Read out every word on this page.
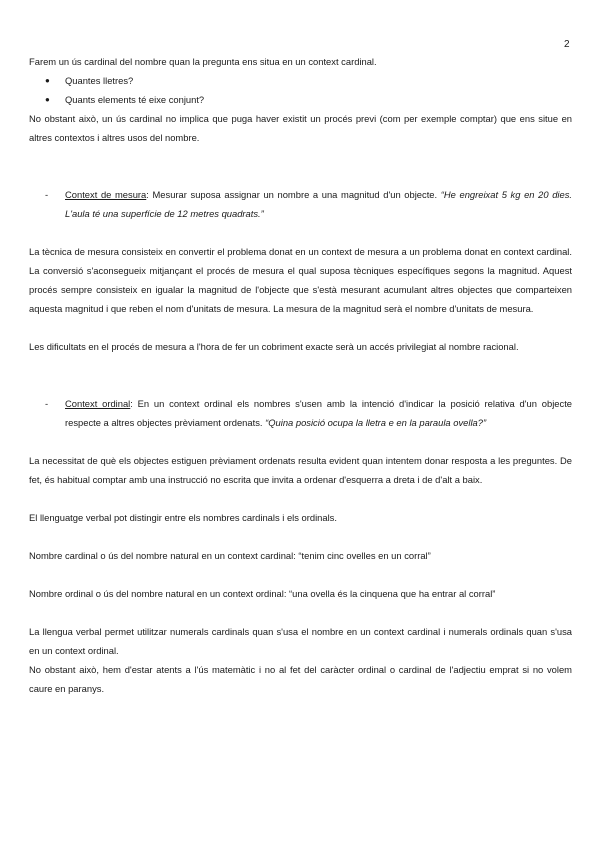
2

Farem un ús cardinal del nombre quan la pregunta ens situa en un context cardinal.

● Quantes lletres?
● Quants elements té eixe conjunt?

No obstant això, un ús cardinal no implica que puga haver existit un procés previ (com per exemple comptar) que ens situe en altres contextos i altres usos del nombre.

- Context de mesura: Mesurar suposa assignar un nombre a una magnitud d'un objecte. “He engreixat 5 kg en 20 dies. L'aula té una superfície de 12 metres quadrats.”

La tècnica de mesura consisteix en convertir el problema donat en un context de mesura a un problema donat en context cardinal. La conversió s'aconsegueix mitjançant el procés de mesura el qual suposa tècniques específiques segons la magnitud. Aquest procés sempre consisteix en igualar la magnitud de l'objecte que s'està mesurant acumulant altres objectes que comparteixen aquesta magnitud i que reben el nom d'unitats de mesura. La mesura de la magnitud serà el nombre d'unitats de mesura.

Les dificultats en el procés de mesura a l'hora de fer un cobriment exacte serà un accés privilegiat al nombre racional.

- Context ordinal: En un context ordinal els nombres s'usen amb la intenció d'indicar la posició relativa d'un objecte respecte a altres objectes prèviament ordenats. “Quina posició ocupa la lletra e en la paraula ovella?”

La necessitat de què els objectes estiguen prèviament ordenats resulta evident quan intentem donar resposta a les preguntes. De fet, és habitual comptar amb una instrucció no escrita que invita a ordenar d'esquerra a dreta i de d'alt a baix.

El llenguatge verbal pot distingir entre els nombres cardinals i els ordinals.

Nombre cardinal o ús del nombre natural en un context cardinal: “tenim cinc ovelles en un corral”

Nombre ordinal o ús del nombre natural en un context ordinal: “una ovella és la cinquena que ha entrar al corral”

La llengua verbal permet utilitzar numerals cardinals quan s'usa el nombre en un context cardinal i numerals ordinals quan s'usa en un context ordinal.

No obstant això, hem d'estar atents a l'ús matemàtic i no al fet del caràcter ordinal o cardinal de l'adjectiu emprat si no volem caure en paranys.
